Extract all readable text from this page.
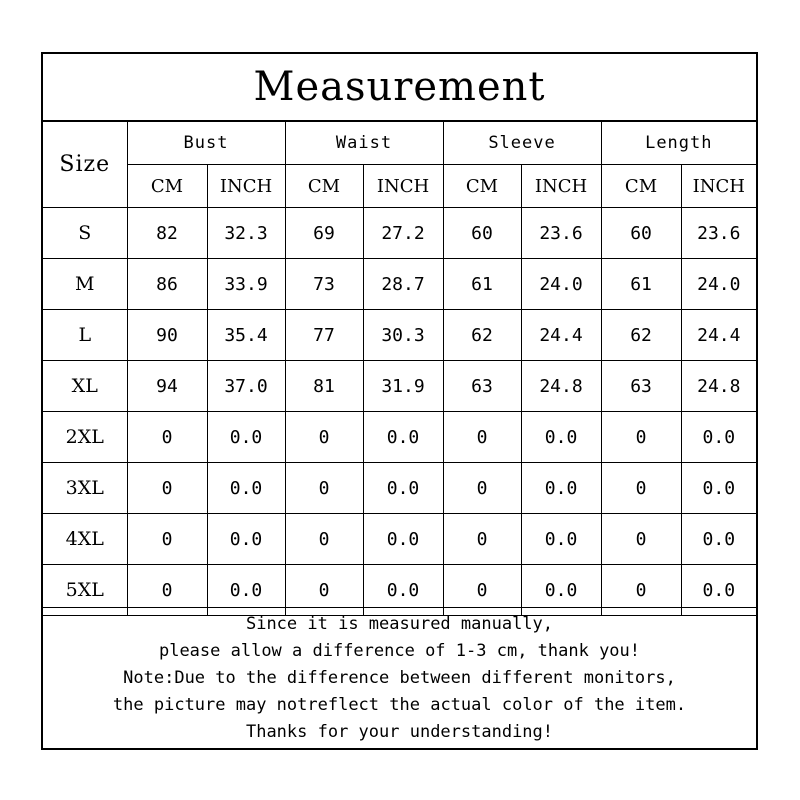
Measurement
Size	Bust		Waist		Sleeve		Length	
	CM	INCH	CM	INCH	CM	INCH	CM	INCH
S	82	32.3	69	27.2	60	23.6	60	23.6
M	86	33.9	73	28.7	61	24.0	61	24.0
L	90	35.4	77	30.3	62	24.4	62	24.4
XL	94	37.0	81	31.9	63	24.8	63	24.8
2XL	0	0.0	0	0.0	0	0.0	0	0.0
3XL	0	0.0	0	0.0	0	0.0	0	0.0
4XL	0	0.0	0	0.0	0	0.0	0	0.0
5XL	0	0.0	0	0.0	0	0.0	0	0.0
Since it is measured manually,
please allow a difference of 1-3 cm, thank you!
Note:Due to the difference between different monitors,
the picture may notreflect the actual color of the item.
Thanks for your understanding!
